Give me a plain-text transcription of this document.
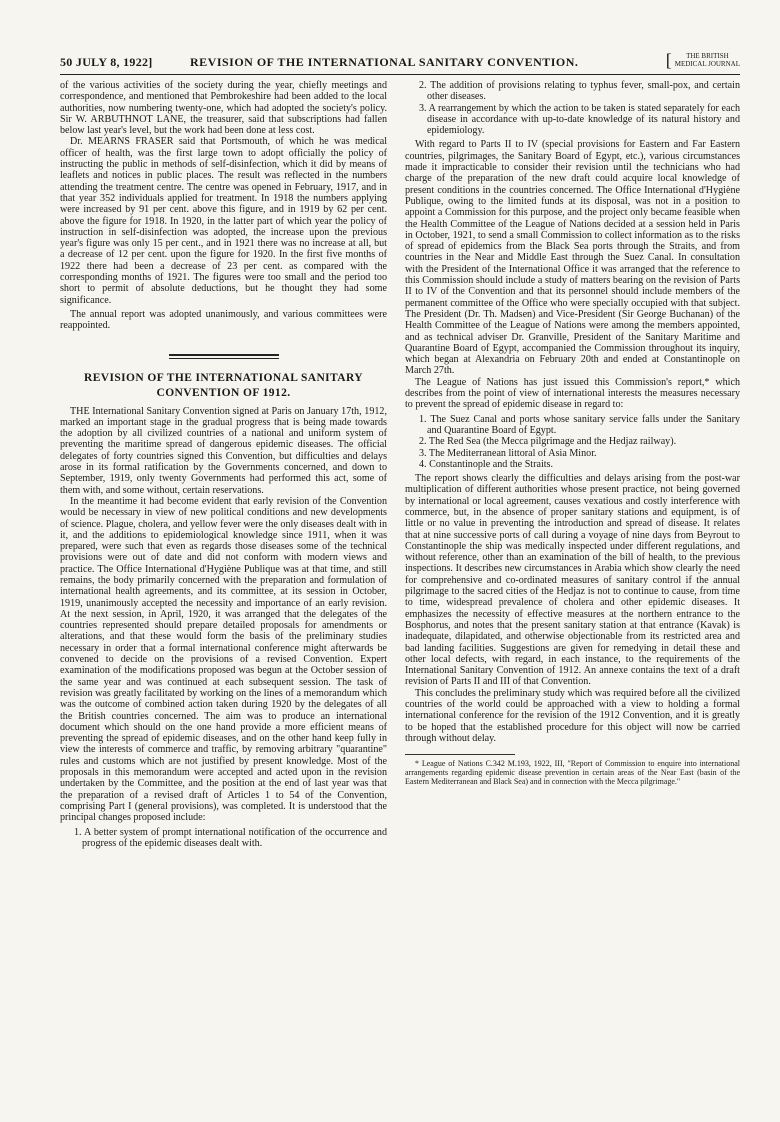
50 JULY 8, 1922]	REVISION OF THE INTERNATIONAL SANITARY CONVENTION.	[	THE BRITISH
MEDICAL JOURNAL

of the various activities of the society during the year, chiefly meetings and correspondence, and mentioned that Pembrokeshire had been added to the local authorities, now numbering twenty-one, which had adopted the society's policy. Sir W. ARBUTHNOT LANE, the treasurer, said that subscriptions had fallen below last year's level, but the work had been done at less cost.

Dr. MEARNS FRASER said that Portsmouth, of which he was medical officer of health, was the first large town to adopt officially the policy of instructing the public in methods of self-disinfection, which it did by means of leaflets and notices in public places. The result was reflected in the numbers attending the treatment centre. The centre was opened in February, 1917, and in that year 352 individuals applied for treatment. In 1918 the numbers applying were increased by 91 per cent. above this figure, and in 1919 by 62 per cent. above the figure for 1918. In 1920, in the latter part of which year the policy of instruction in self-disinfection was adopted, the increase upon the previous year's figure was only 15 per cent., and in 1921 there was no increase at all, but a decrease of 12 per cent. upon the figure for 1920. In the first five months of 1922 there had been a decrease of 23 per cent. as compared with the corresponding months of 1921. The figures were too small and the period too short to permit of absolute deductions, but he thought they had some significance.

The annual report was adopted unanimously, and various committees were reappointed.

REVISION OF THE INTERNATIONAL SANITARY
CONVENTION OF 1912.

THE International Sanitary Convention signed at Paris on January 17th, 1912, marked an important stage in the gradual progress that is being made towards the adoption by all civilized countries of a national and uniform system of preventing the maritime spread of dangerous epidemic diseases. The official delegates of forty countries signed this Convention, but difficulties and delays arose in its formal ratification by the Governments concerned, and down to September, 1919, only twenty Governments had performed this act, some of them with, and some without, certain reservations.

In the meantime it had become evident that early revision of the Convention would be necessary in view of new political conditions and new developments of science. Plague, cholera, and yellow fever were the only diseases dealt with in it, and the additions to epidemiological knowledge since 1911, when it was prepared, were such that even as regards those diseases some of the technical provisions were out of date and did not conform with modern views and practice. The Office International d'Hygiène Publique was at that time, and still remains, the body primarily concerned with the preparation and formulation of international health agreements, and its committee, at its session in October, 1919, unanimously accepted the necessity and importance of an early revision. At the next session, in April, 1920, it was arranged that the delegates of the countries represented should prepare detailed proposals for amendments or alterations, and that these would form the basis of the preliminary studies necessary in order that a formal international conference might afterwards be convened to decide on the provisions of a revised Convention. Expert examination of the modifications proposed was begun at the October session of the same year and was continued at each subsequent session. The task of revision was greatly facilitated by working on the lines of a memorandum which was the outcome of combined action taken during 1920 by the delegates of all the British countries concerned. The aim was to produce an international document which should on the one hand provide a more efficient means of preventing the spread of epidemic diseases, and on the other hand keep fully in view the interests of commerce and traffic, by removing arbitrary "quarantine" rules and customs which are not justified by present knowledge. Most of the proposals in this memorandum were accepted and acted upon in the revision undertaken by the Committee, and the position at the end of last year was that the preparation of a revised draft of Articles 1 to 54 of the Convention, comprising Part I (general provisions), was completed. It is understood that the principal changes proposed include:

1. A better system of prompt international notification of the occurrence and progress of the epidemic diseases dealt with.

2. The addition of provisions relating to typhus fever, small-pox, and certain other diseases.

3. A rearrangement by which the action to be taken is stated separately for each disease in accordance with up-to-date knowledge of its natural history and epidemiology.

With regard to Parts II to IV (special provisions for Eastern and Far Eastern countries, pilgrimages, the Sanitary Board of Egypt, etc.), various circumstances made it impracticable to consider their revision until the technicians who had charge of the preparation of the new draft could acquire local knowledge of present conditions in the countries concerned. The Office International d'Hygiène Publique, owing to the limited funds at its disposal, was not in a position to appoint a Commission for this purpose, and the project only became feasible when the Health Committee of the League of Nations decided at a session held in Paris in October, 1921, to send a small Commission to collect information as to the risks of spread of epidemics from the Black Sea ports through the Straits, and from countries in the Near and Middle East through the Suez Canal. In consultation with the President of the International Office it was arranged that the reference to this Commission should include a study of matters bearing on the revision of Parts II to IV of the Convention and that its personnel should include members of the permanent committee of the Office who were specially occupied with that subject. The President (Dr. Th. Madsen) and Vice-President (Sir George Buchanan) of the Health Committee of the League of Nations were among the members appointed, and as technical adviser Dr. Granville, President of the Sanitary Maritime and Quarantine Board of Egypt, accompanied the Commission throughout its inquiry, which began at Alexandria on February 20th and ended at Constantinople on March 27th.

The League of Nations has just issued this Commission's report,* which describes from the point of view of international interests the measures necessary to prevent the spread of epidemic disease in regard to:

1. The Suez Canal and ports whose sanitary service falls under the Sanitary and Quarantine Board of Egypt.

2. The Red Sea (the Mecca pilgrimage and the Hedjaz railway).

3. The Mediterranean littoral of Asia Minor.

4. Constantinople and the Straits.

The report shows clearly the difficulties and delays arising from the post-war multiplication of different authorities whose present practice, not being governed by international or local agreement, causes vexatious and costly interference with commerce, but, in the absence of proper sanitary stations and equipment, is of little or no value in preventing the introduction and spread of disease. It relates that at nine successive ports of call during a voyage of nine days from Beyrout to Constantinople the ship was medically inspected under different regulations, and without reference, other than an examination of the bill of health, to the previous inspections. It describes new circumstances in Arabia which show clearly the need for comprehensive and co-ordinated measures of sanitary control if the annual pilgrimage to the sacred cities of the Hedjaz is not to continue to cause, from time to time, widespread prevalence of cholera and other epidemic diseases. It emphasizes the necessity of effective measures at the northern entrance to the Bosphorus, and notes that the present sanitary station at that entrance (Kavak) is inadequate, dilapidated, and otherwise objectionable from its restricted area and bad landing facilities. Suggestions are given for remedying in detail these and other local defects, with regard, in each instance, to the requirements of the International Sanitary Convention of 1912. An annexe contains the text of a draft revision of Parts II and III of that Convention.

This concludes the preliminary study which was required before all the civilized countries of the world could be approached with a view to holding a formal international conference for the revision of the 1912 Convention, and it is greatly to be hoped that the established procedure for this object will now be carried through without delay.

* League of Nations C.342 M.193, 1922, III, "Report of Commission to enquire into international arrangements regarding epidemic disease prevention in certain areas of the Near East (basin of the Eastern Mediterranean and Black Sea) and in connection with the Mecca pilgrimage."
